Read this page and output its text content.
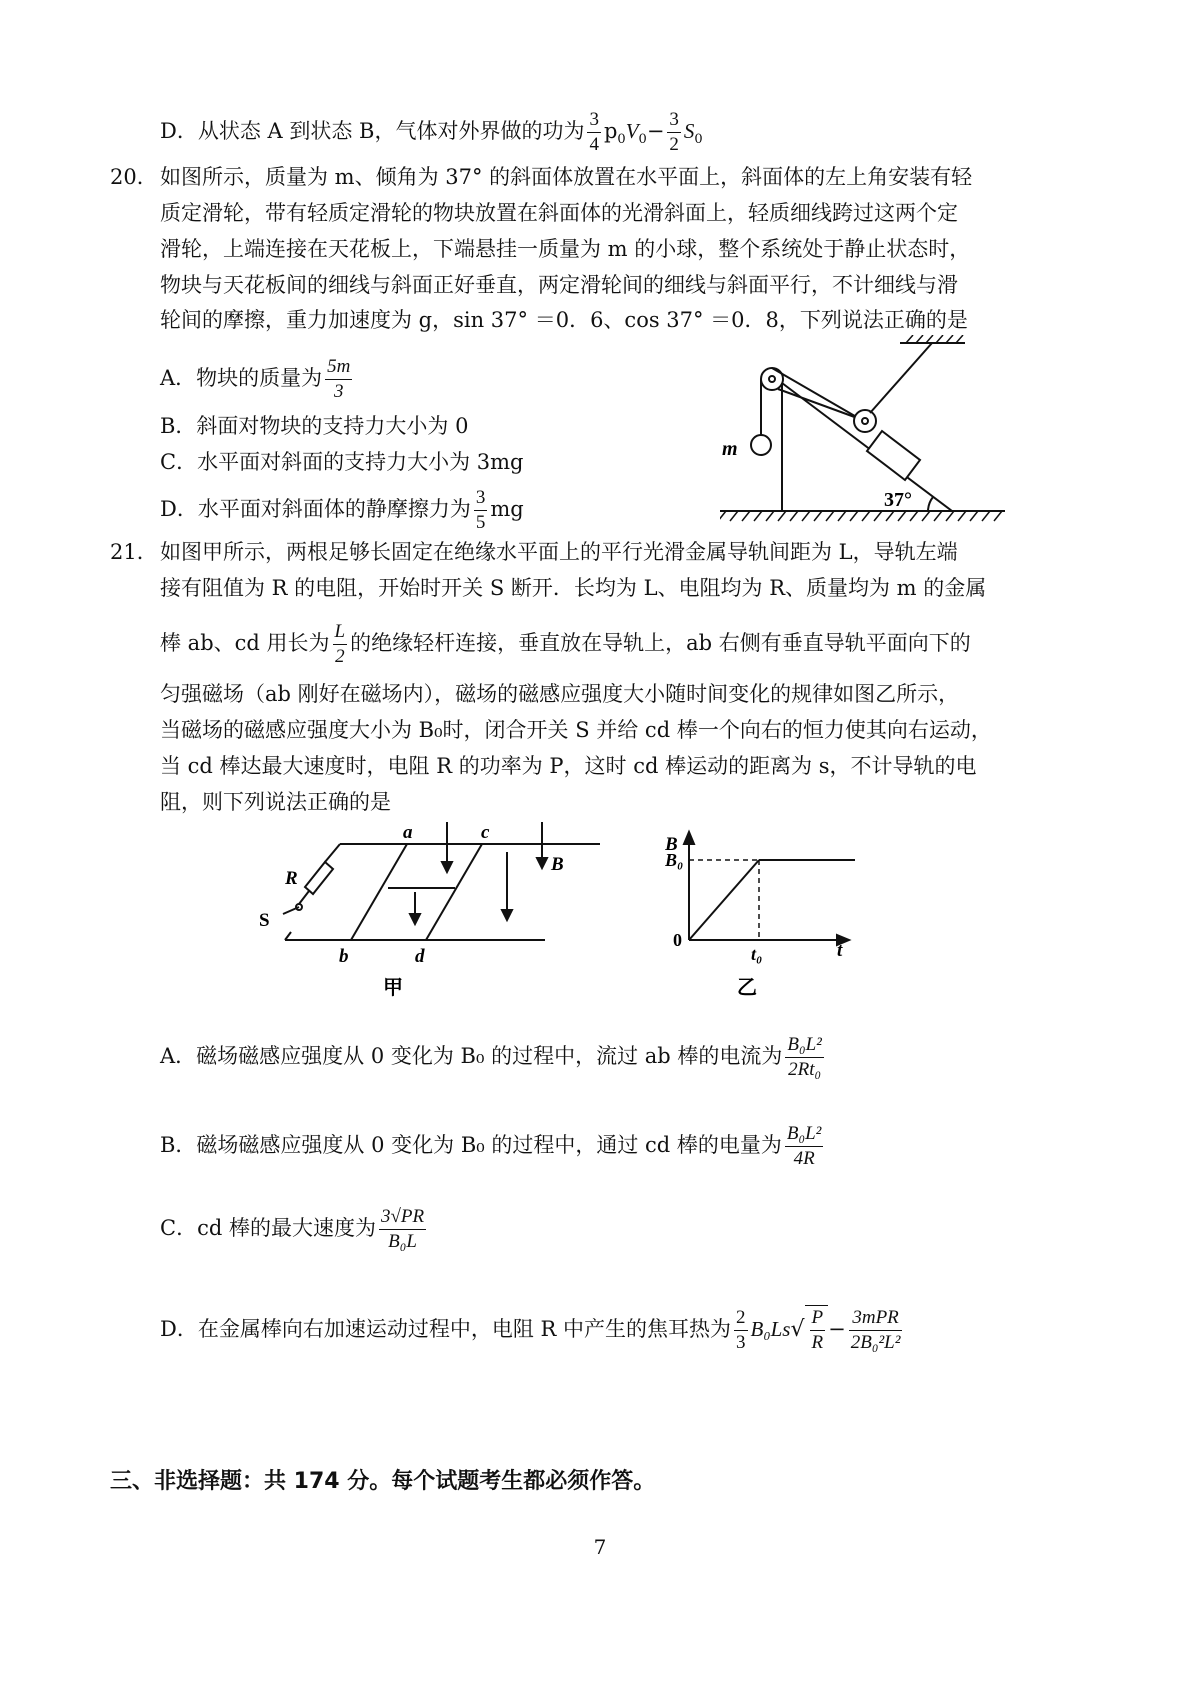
D．从状态 A 到状态 B，气体对外界做的功为 $\frac{3}{4} p_0V_0- \frac{3}{2} S_0$
20． 如图所示，质量为 m、倾角为 37° 的斜面体放置在水平面上，斜面体的左上角安装有轻
质定滑轮，带有轻质定滑轮的物块放置在斜面体的光滑斜面上，轻质细线跨过这两个定
滑轮，上端连接在天花板上，下端悬挂一质量为 m 的小球，整个系统处于静止状态时，
物块与天花板间的细线与斜面正好垂直，两定滑轮间的细线与斜面平行，不计细线与滑
轮间的摩擦，重力加速度为 g，sin 37° ＝0．6、cos 37° ＝0．8，下列说法正确的是
A．物块的质量为 $\frac{5m}{3}$
B．斜面对物块的支持力大小为 0
C．水平面对斜面的支持力大小为 3mg
D．水平面对斜面体的静摩擦力为 $\frac{3}{5}$ mg
m
37°
21． 如图甲所示，两根足够长固定在绝缘水平面上的平行光滑金属导轨间距为 L，导轨左端
接有阻值为 R 的电阻，开始时开关 S 断开．长均为 L、电阻均为 R、质量均为 m 的金属
棒 ab、cd 用长为 $\frac{L}{2}$ 的绝缘轻杆连接，垂直放在导轨上，ab 右侧有垂直导轨平面向下的
匀强磁场（ab 刚好在磁场内），磁场的磁感应强度大小随时间变化的规律如图乙所示，
当磁场的磁感应强度大小为 B₀时，闭合开关 S 并给 cd 棒一个向右的恒力使其向右运动，
当 cd 棒达最大速度时，电阻 R 的功率为 P，这时 cd 棒运动的距离为 s，不计导轨的电
阻，则下列说法正确的是
a	c
b	d
R
S
B
甲
B
B₀
0
t₀	t
乙
A．磁场磁感应强度从 0 变化为 B₀ 的过程中，流过 ab 棒的电流为 $\frac{\text{B₀L²}}{\text{2Rt₀}}$
B．磁场磁感应强度从 0 变化为 B₀ 的过程中，通过 cd 棒的电量为 $\frac{\text{B₀L²}}{4R}$
C．cd 棒的最大速度为 $\frac{3√PR}{\text{B₀L}}$
D．在金属棒向右加速运动过程中，电阻 R 中产生的焦耳热为 $\frac{2}{3} B_0Ls√ \frac{P}{R} - \frac{\text{3mPR}}{\text{2B₀²L²}}$
三、非选择题：共 174 分。每个试题考生都必须作答。
7
